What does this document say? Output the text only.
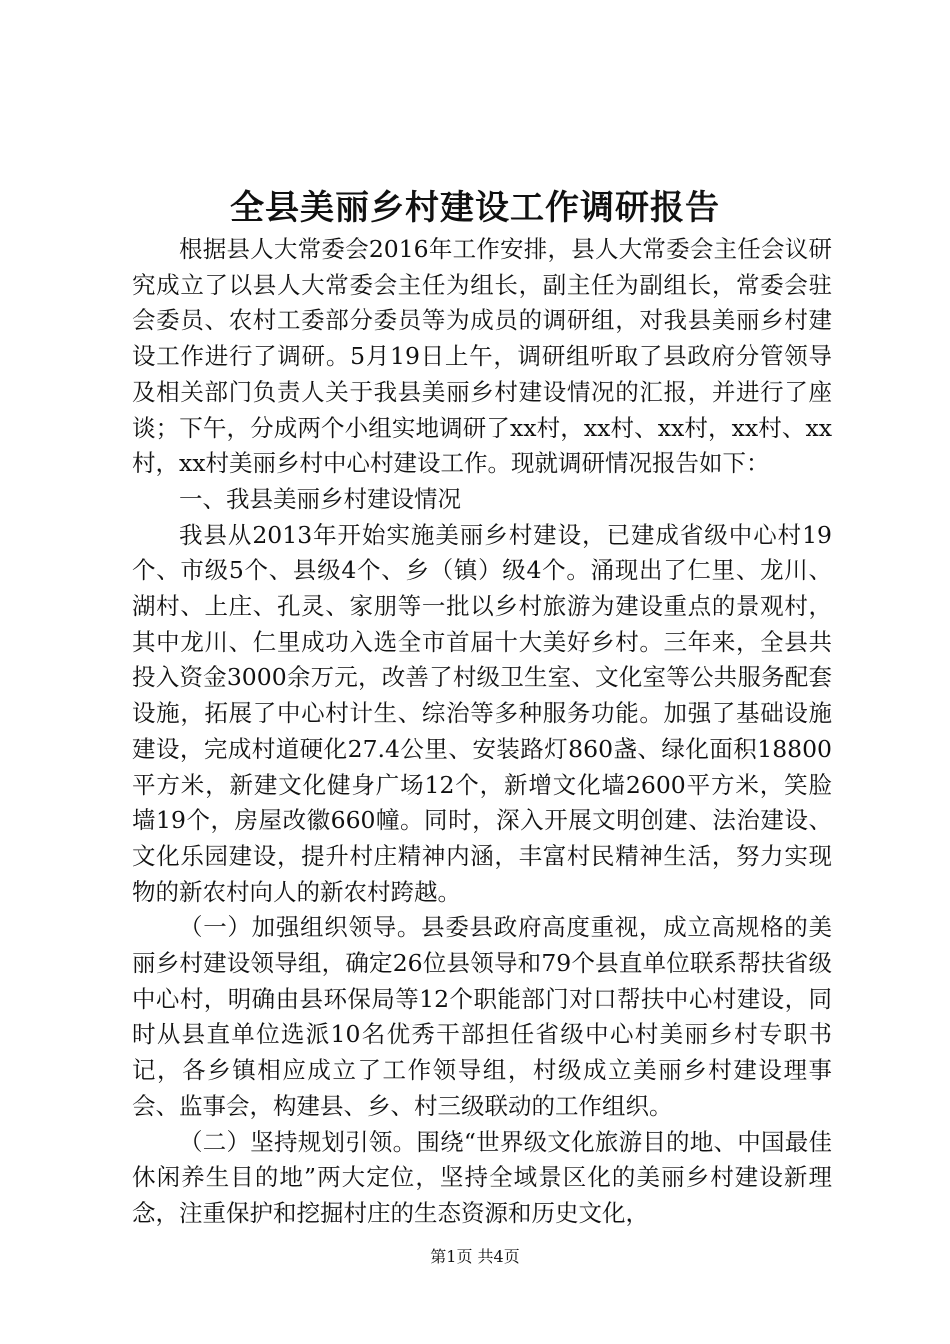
全县美丽乡村建设工作调研报告

根据县人大常委会2016年工作安排，县人大常委会主任会议研究成立了以县人大常委会主任为组长，副主任为副组长，常委会驻会委员、农村工委部分委员等为成员的调研组，对我县美丽乡村建设工作进行了调研。5月19日上午，调研组听取了县政府分管领导及相关部门负责人关于我县美丽乡村建设情况的汇报，并进行了座谈；下午，分成两个小组实地调研了xx村，xx村、xx村，xx村、xx村，xx村美丽乡村中心村建设工作。现就调研情况报告如下：

一、我县美丽乡村建设情况

我县从2013年开始实施美丽乡村建设，已建成省级中心村19个、市级5个、县级4个、乡（镇）级4个。涌现出了仁里、龙川、湖村、上庄、孔灵、家朋等一批以乡村旅游为建设重点的景观村，其中龙川、仁里成功入选全市首届十大美好乡村。三年来，全县共投入资金3000余万元，改善了村级卫生室、文化室等公共服务配套设施，拓展了中心村计生、综治等多种服务功能。加强了基础设施建设，完成村道硬化27.4公里、安装路灯860盏、绿化面积18800平方米，新建文化健身广场12个，新增文化墙2600平方米，笑脸墙19个，房屋改徽660幢。同时，深入开展文明创建、法治建设、文化乐园建设，提升村庄精神内涵，丰富村民精神生活，努力实现物的新农村向人的新农村跨越。

（一）加强组织领导。县委县政府高度重视，成立高规格的美丽乡村建设领导组，确定26位县领导和79个县直单位联系帮扶省级中心村，明确由县环保局等12个职能部门对口帮扶中心村建设，同时从县直单位选派10名优秀干部担任省级中心村美丽乡村专职书记，各乡镇相应成立了工作领导组，村级成立美丽乡村建设理事会、监事会，构建县、乡、村三级联动的工作组织。

（二）坚持规划引领。围绕“世界级文化旅游目的地、中国最佳休闲养生目的地”两大定位，坚持全域景区化的美丽乡村建设新理念，注重保护和挖掘村庄的生态资源和历史文化，

第1页 共4页
